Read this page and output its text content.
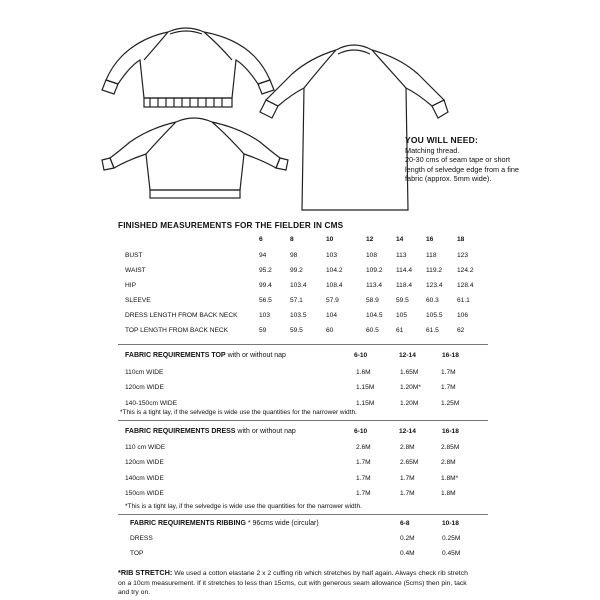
YOU WILL NEED:
Matching thread.
20-30 cms of seam tape or short
length of selvedge edge from a fine
fabric (approx. 5mm wide).
FINISHED MEASUREMENTS FOR THE FIELDER IN CMS
6	8	10	12	14	16	18
BUST	94	98	103	108	113	118	123
WAIST	95.2	99.2	104.2	109.2 114.4 119.2 124.2
HIP	99.4	103.4	108.4	113.4 118.4 123.4 128.4
SLEEVE	56.5	57.1	57.9	58.9	59.5	60.3	61.1
DRESS LENGTH FROM BACK NECK	103	103.5	104	104.5 105	105.5 106
TOP LENGTH FROM BACK NECK	59	59.5	60	60.5	61	61.5	62
FABRIC REQUIREMENTS TOP with or without nap	6-10	12-14	16-18
110cm WIDE	1.6M	1.65M	1.7M
120cm WIDE	1.15M	1.20M*	1.7M
140-150cm WIDE	1.15M	1.20M	1.25M
*This is a tight lay, if the selvedge is wide use the quantities for the narrower width.
FABRIC REQUIREMENTS DRESS with or without nap	6-10	12-14	16-18
110 cm WIDE	2.6M	2.8M	2.85M
120cm WIDE	1.7M	2.65M	2.8M
140cm WIDE	1.7M	1.7M	1.8M*
150cm WIDE	1.7M	1.7M	1.8M
*This is a tight lay, if the selvedge is wide use the quantities for the narrower width.
FABRIC REQUIREMENTS RIBBING * 96cms wide (circular)	6-8	10-18
DRESS	0.2M	0.25M
TOP	0.4M	0.45M
*RIB STRETCH: We used a cotton elastane 2 x 2 cuffing rib which stretches by half again. Always check rib stretch
on a 10cm measurement. If it stretches to less than 15cms, cut with generous seam allowance (5cms) then pin, tack
and try on.
